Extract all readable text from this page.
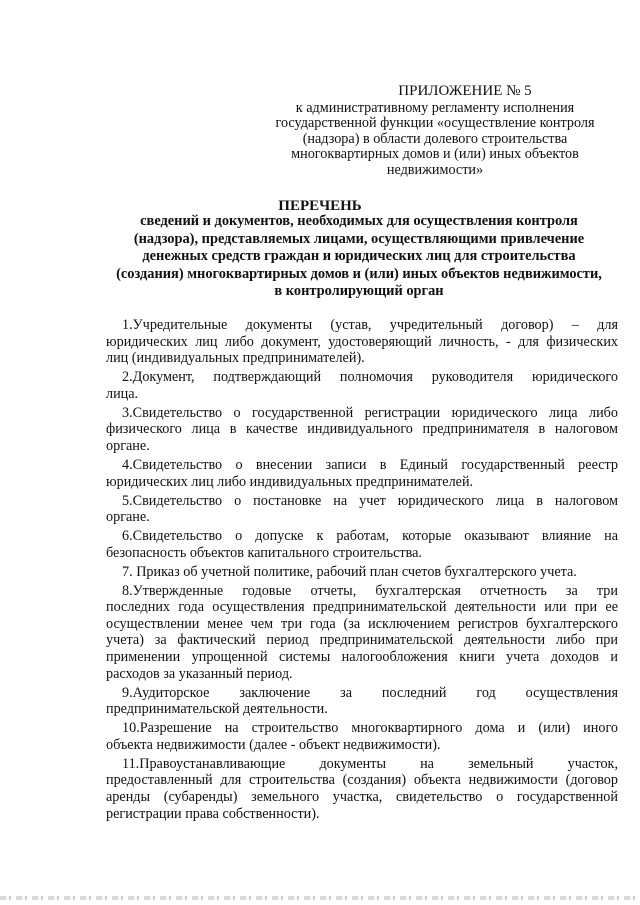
ПРИЛОЖЕНИЕ № 5
к административному регламенту исполнения
государственной функции «осуществление контроля
(надзора) в области долевого строительства
многоквартирных домов и (или) иных объектов
недвижимости»
ПЕРЕЧЕНЬ
сведений и документов, необходимых для осуществления контроля
(надзора), представляемых лицами, осуществляющими привлечение
денежных средств граждан и юридических лиц для строительства
(создания) многоквартирных домов и (или) иных объектов недвижимости,
в контролирующий орган
1.Учредительные документы (устав, учредительный договор) – для
юридических лиц либо документ, удостоверяющий личность, - для физических
лиц (индивидуальных предпринимателей).
2.Документ, подтверждающий полномочия руководителя юридического
лица.
3.Свидетельство о государственной регистрации юридического лица либо
физического лица в качестве индивидуального предпринимателя в налоговом
органе.
4.Свидетельство о внесении записи в Единый государственный реестр
юридических лиц либо индивидуальных предпринимателей.
5.Свидетельство о постановке на учет юридического лица в налоговом
органе.
6.Свидетельство о допуске к работам, которые оказывают влияние на
безопасность объектов капитального строительства.
7. Приказ об учетной политике, рабочий план счетов бухгалтерского учета.
8.Утвержденные годовые отчеты, бухгалтерская отчетность за три
последних года осуществления предпринимательской деятельности или при ее
осуществлении менее чем три года (за исключением регистров бухгалтерского
учета) за фактический период предпринимательской деятельности либо при
применении упрощенной системы налогообложения книги учета доходов и
расходов за указанный период.
9.Аудиторское заключение за последний год осуществления
предпринимательской деятельности.
10.Разрешение на строительство многоквартирного дома и (или) иного
объекта недвижимости (далее - объект недвижимости).
11.Правоустанавливающие документы на земельный участок,
предоставленный для строительства (создания) объекта недвижимости (договор
аренды (субаренды) земельного участка, свидетельство о государственной
регистрации права собственности).
